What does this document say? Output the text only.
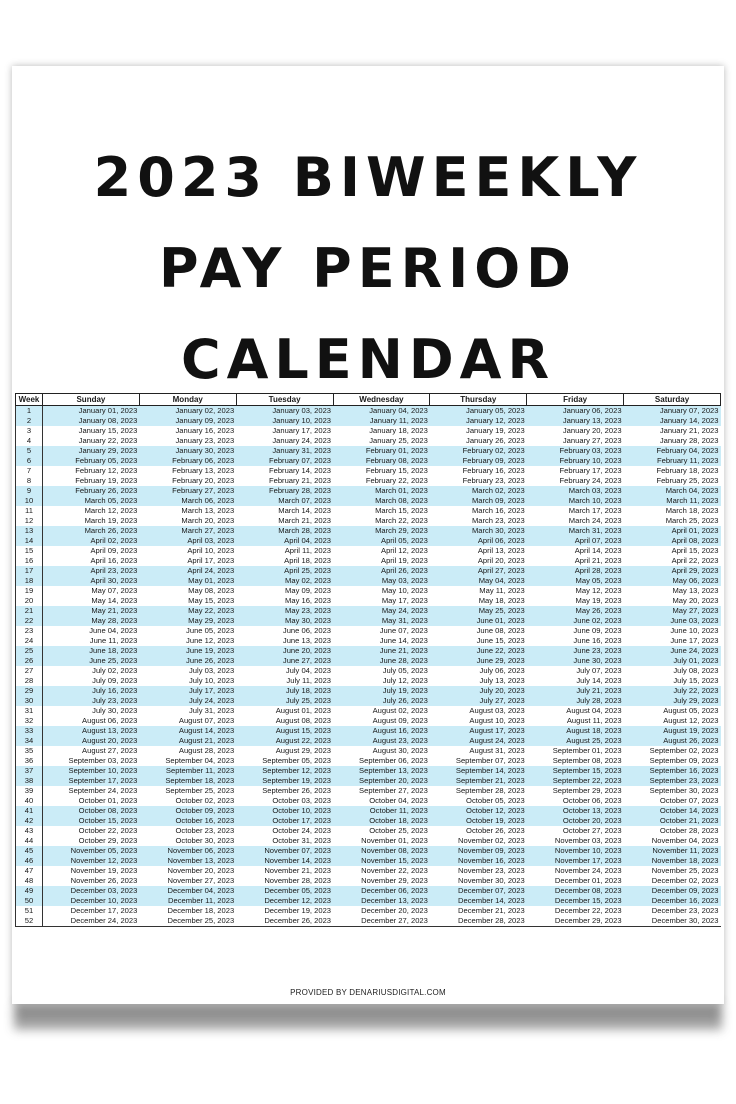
2023 BIWEEKLY
PAY PERIOD
CALENDAR
Week	Sunday	Monday	Tuesday	Wednesday	Thursday	Friday	Saturday
1	January 01, 2023	January 02, 2023	January 03, 2023	January 04, 2023	January 05, 2023	January 06, 2023	January 07, 2023
2	January 08, 2023	January 09, 2023	January 10, 2023	January 11, 2023	January 12, 2023	January 13, 2023	January 14, 2023
3	January 15, 2023	January 16, 2023	January 17, 2023	January 18, 2023	January 19, 2023	January 20, 2023	January 21, 2023
4	January 22, 2023	January 23, 2023	January 24, 2023	January 25, 2023	January 26, 2023	January 27, 2023	January 28, 2023
5	January 29, 2023	January 30, 2023	January 31, 2023	February 01, 2023	February 02, 2023	February 03, 2023	February 04, 2023
6	February 05, 2023	February 06, 2023	February 07, 2023	February 08, 2023	February 09, 2023	February 10, 2023	February 11, 2023
7	February 12, 2023	February 13, 2023	February 14, 2023	February 15, 2023	February 16, 2023	February 17, 2023	February 18, 2023
8	February 19, 2023	February 20, 2023	February 21, 2023	February 22, 2023	February 23, 2023	February 24, 2023	February 25, 2023
9	February 26, 2023	February 27, 2023	February 28, 2023	March 01, 2023	March 02, 2023	March 03, 2023	March 04, 2023
10	March 05, 2023	March 06, 2023	March 07, 2023	March 08, 2023	March 09, 2023	March 10, 2023	March 11, 2023
11	March 12, 2023	March 13, 2023	March 14, 2023	March 15, 2023	March 16, 2023	March 17, 2023	March 18, 2023
12	March 19, 2023	March 20, 2023	March 21, 2023	March 22, 2023	March 23, 2023	March 24, 2023	March 25, 2023
13	March 26, 2023	March 27, 2023	March 28, 2023	March 29, 2023	March 30, 2023	March 31, 2023	April 01, 2023
14	April 02, 2023	April 03, 2023	April 04, 2023	April 05, 2023	April 06, 2023	April 07, 2023	April 08, 2023
15	April 09, 2023	April 10, 2023	April 11, 2023	April 12, 2023	April 13, 2023	April 14, 2023	April 15, 2023
16	April 16, 2023	April 17, 2023	April 18, 2023	April 19, 2023	April 20, 2023	April 21, 2023	April 22, 2023
17	April 23, 2023	April 24, 2023	April 25, 2023	April 26, 2023	April 27, 2023	April 28, 2023	April 29, 2023
18	April 30, 2023	May 01, 2023	May 02, 2023	May 03, 2023	May 04, 2023	May 05, 2023	May 06, 2023
19	May 07, 2023	May 08, 2023	May 09, 2023	May 10, 2023	May 11, 2023	May 12, 2023	May 13, 2023
20	May 14, 2023	May 15, 2023	May 16, 2023	May 17, 2023	May 18, 2023	May 19, 2023	May 20, 2023
21	May 21, 2023	May 22, 2023	May 23, 2023	May 24, 2023	May 25, 2023	May 26, 2023	May 27, 2023
22	May 28, 2023	May 29, 2023	May 30, 2023	May 31, 2023	June 01, 2023	June 02, 2023	June 03, 2023
23	June 04, 2023	June 05, 2023	June 06, 2023	June 07, 2023	June 08, 2023	June 09, 2023	June 10, 2023
24	June 11, 2023	June 12, 2023	June 13, 2023	June 14, 2023	June 15, 2023	June 16, 2023	June 17, 2023
25	June 18, 2023	June 19, 2023	June 20, 2023	June 21, 2023	June 22, 2023	June 23, 2023	June 24, 2023
26	June 25, 2023	June 26, 2023	June 27, 2023	June 28, 2023	June 29, 2023	June 30, 2023	July 01, 2023
27	July 02, 2023	July 03, 2023	July 04, 2023	July 05, 2023	July 06, 2023	July 07, 2023	July 08, 2023
28	July 09, 2023	July 10, 2023	July 11, 2023	July 12, 2023	July 13, 2023	July 14, 2023	July 15, 2023
29	July 16, 2023	July 17, 2023	July 18, 2023	July 19, 2023	July 20, 2023	July 21, 2023	July 22, 2023
30	July 23, 2023	July 24, 2023	July 25, 2023	July 26, 2023	July 27, 2023	July 28, 2023	July 29, 2023
31	July 30, 2023	July 31, 2023	August 01, 2023	August 02, 2023	August 03, 2023	August 04, 2023	August 05, 2023
32	August 06, 2023	August 07, 2023	August 08, 2023	August 09, 2023	August 10, 2023	August 11, 2023	August 12, 2023
33	August 13, 2023	August 14, 2023	August 15, 2023	August 16, 2023	August 17, 2023	August 18, 2023	August 19, 2023
34	August 20, 2023	August 21, 2023	August 22, 2023	August 23, 2023	August 24, 2023	August 25, 2023	August 26, 2023
35	August 27, 2023	August 28, 2023	August 29, 2023	August 30, 2023	August 31, 2023	September 01, 2023	September 02, 2023
36	September 03, 2023	September 04, 2023	September 05, 2023	September 06, 2023	September 07, 2023	September 08, 2023	September 09, 2023
37	September 10, 2023	September 11, 2023	September 12, 2023	September 13, 2023	September 14, 2023	September 15, 2023	September 16, 2023
38	September 17, 2023	September 18, 2023	September 19, 2023	September 20, 2023	September 21, 2023	September 22, 2023	September 23, 2023
39	September 24, 2023	September 25, 2023	September 26, 2023	September 27, 2023	September 28, 2023	September 29, 2023	September 30, 2023
40	October 01, 2023	October 02, 2023	October 03, 2023	October 04, 2023	October 05, 2023	October 06, 2023	October 07, 2023
41	October 08, 2023	October 09, 2023	October 10, 2023	October 11, 2023	October 12, 2023	October 13, 2023	October 14, 2023
42	October 15, 2023	October 16, 2023	October 17, 2023	October 18, 2023	October 19, 2023	October 20, 2023	October 21, 2023
43	October 22, 2023	October 23, 2023	October 24, 2023	October 25, 2023	October 26, 2023	October 27, 2023	October 28, 2023
44	October 29, 2023	October 30, 2023	October 31, 2023	November 01, 2023	November 02, 2023	November 03, 2023	November 04, 2023
45	November 05, 2023	November 06, 2023	November 07, 2023	November 08, 2023	November 09, 2023	November 10, 2023	November 11, 2023
46	November 12, 2023	November 13, 2023	November 14, 2023	November 15, 2023	November 16, 2023	November 17, 2023	November 18, 2023
47	November 19, 2023	November 20, 2023	November 21, 2023	November 22, 2023	November 23, 2023	November 24, 2023	November 25, 2023
48	November 26, 2023	November 27, 2023	November 28, 2023	November 29, 2023	November 30, 2023	December 01, 2023	December 02, 2023
49	December 03, 2023	December 04, 2023	December 05, 2023	December 06, 2023	December 07, 2023	December 08, 2023	December 09, 2023
50	December 10, 2023	December 11, 2023	December 12, 2023	December 13, 2023	December 14, 2023	December 15, 2023	December 16, 2023
51	December 17, 2023	December 18, 2023	December 19, 2023	December 20, 2023	December 21, 2023	December 22, 2023	December 23, 2023
52	December 24, 2023	December 25, 2023	December 26, 2023	December 27, 2023	December 28, 2023	December 29, 2023	December 30, 2023
PROVIDED BY DENARIUSDIGITAL.COM
